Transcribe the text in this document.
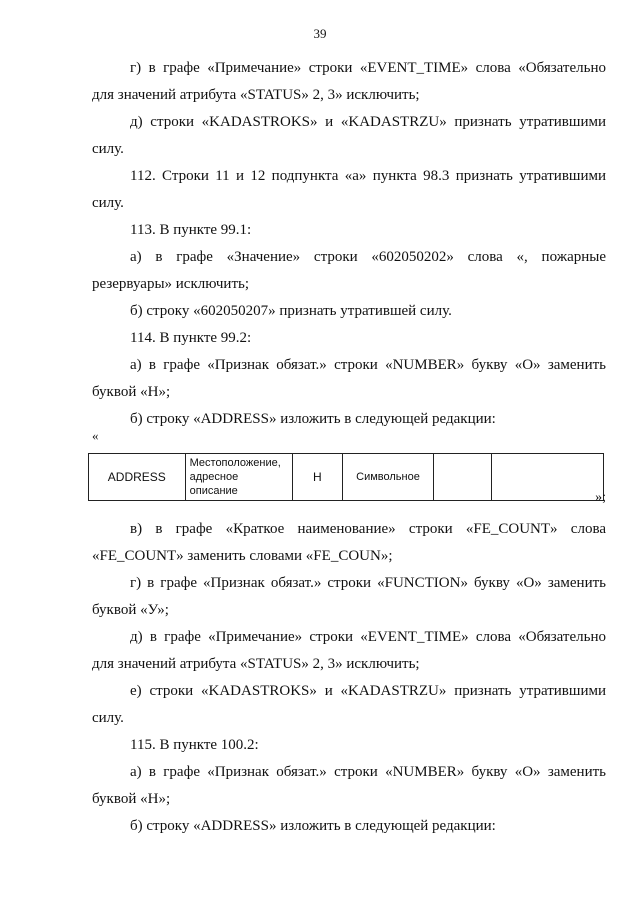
39

г) в графе «Примечание» строки «EVENT_TIME» слова «Обязательно

для значений атрибута «STATUS» 2, 3» исключить;

д) строки «KADASTROKS» и «KADASTRZU» признать утратившими

силу.

112. Строки 11 и 12 подпункта «а» пункта 98.3 признать утратившими

силу.

113. В пункте 99.1:

а) в графе «Значение» строки «602050202» слова «, пожарные

резервуары» исключить;

б) строку «602050207» признать утратившей силу.

114. В пункте 99.2:

а) в графе «Признак обязат.» строки «NUMBER» букву «О» заменить

буквой «Н»;

б) строку «ADDRESS» изложить в следующей редакции:

«
ADDRESS	Местоположение, адресное описание	Н	Символьное		
»;

в) в графе «Краткое наименование» строки «FE_COUNT» слова

«FE_COUNT» заменить словами «FE_COUN»;

г) в графе «Признак обязат.» строки «FUNCTION» букву «О» заменить

буквой «У»;

д) в графе «Примечание» строки «EVENT_TIME» слова «Обязательно

для значений атрибута «STATUS» 2, 3» исключить;

е) строки «KADASTROKS» и «KADASTRZU» признать утратившими

силу.

115. В пункте 100.2:

а) в графе «Признак обязат.» строки «NUMBER» букву «О» заменить

буквой «Н»;

б) строку «ADDRESS» изложить в следующей редакции:
